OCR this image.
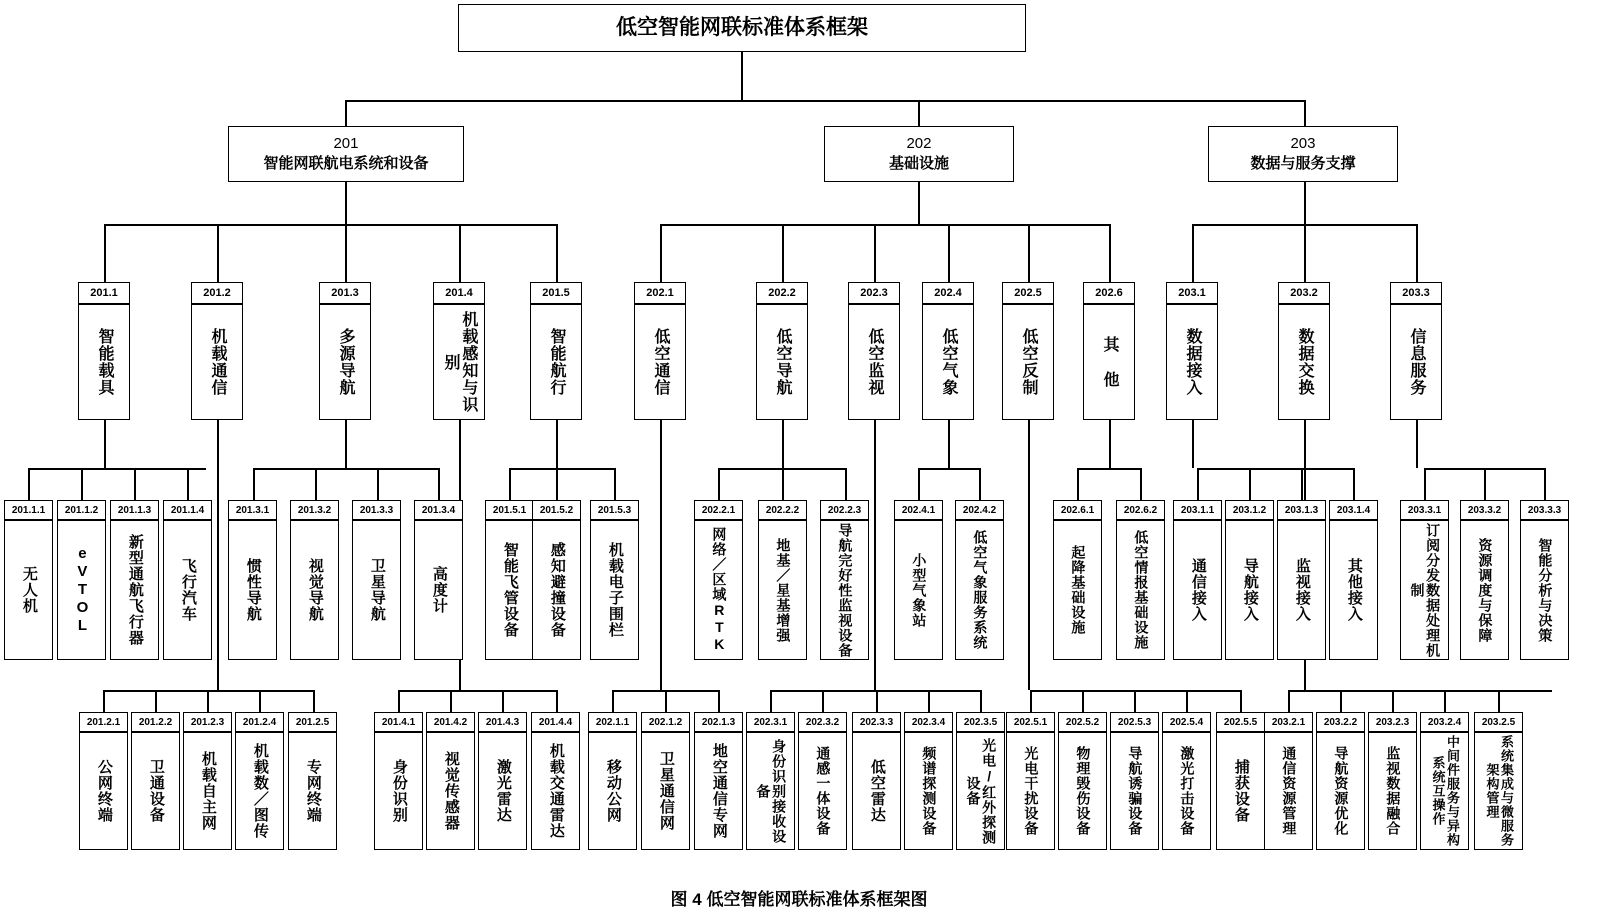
低空智能网联标准体系框架
201
智能网联航电系统和设备
202
基础设施
203
数据与服务支撑
201.1
智能载具
201.2
机载通信
201.3
多源导航
201.4
机载感知与识别
201.5
智能航行
202.1
低空通信
202.2
低空导航
202.3
低空监视
202.4
低空气象
202.5
低空反制
202.6
其 他
203.1
数据接入
203.2
数据交换
203.3
信息服务
201.1.1
无人机
201.1.2
eVTOL
201.1.3
新型通航飞行器
201.1.4
飞行汽车
201.3.1
惯性导航
201.3.2
视觉导航
201.3.3
卫星导航
201.3.4
高度计
201.5.1
智能飞管设备
201.5.2
感知避撞设备
201.5.3
机载电子围栏
202.2.1
网络／区域RTK
202.2.2
地基／星基增强
202.2.3
导航完好性监视设备
202.4.1
小型气象站
202.4.2
低空气象服务系统
202.6.1
起降基础设施
202.6.2
低空情报基础设施
203.1.1
通信接入
203.1.2
导航接入
203.1.3
监视接入
203.1.4
其他接入
203.3.1
订阅分发数据处理机制
203.3.2
资源调度与保障
203.3.3
智能分析与决策
201.2.1
公网终端
201.2.2
卫通设备
201.2.3
机载自主网
201.2.4
机载数／图传
201.2.5
专网终端
201.4.1
身份识别
201.4.2
视觉传感器
201.4.3
激光雷达
201.4.4
机载交通雷达
202.1.1
移动公网
202.1.2
卫星通信网
202.1.3
地空通信专网
202.3.1
身份识别接收设备
202.3.2
通感一体设备
202.3.3
低空雷达
202.3.4
频谱探测设备
202.3.5
光电/红外探测设备
202.5.1
光电干扰设备
202.5.2
物理毁伤设备
202.5.3
导航诱骗设备
202.5.4
激光打击设备
202.5.5
捕获设备
203.2.1
通信资源管理
203.2.2
导航资源优化
203.2.3
监视数据融合
203.2.4
中间件服务与异构系统互操作
203.2.5
系统集成与微服务架构管理
图 4 低空智能网联标准体系框架图
